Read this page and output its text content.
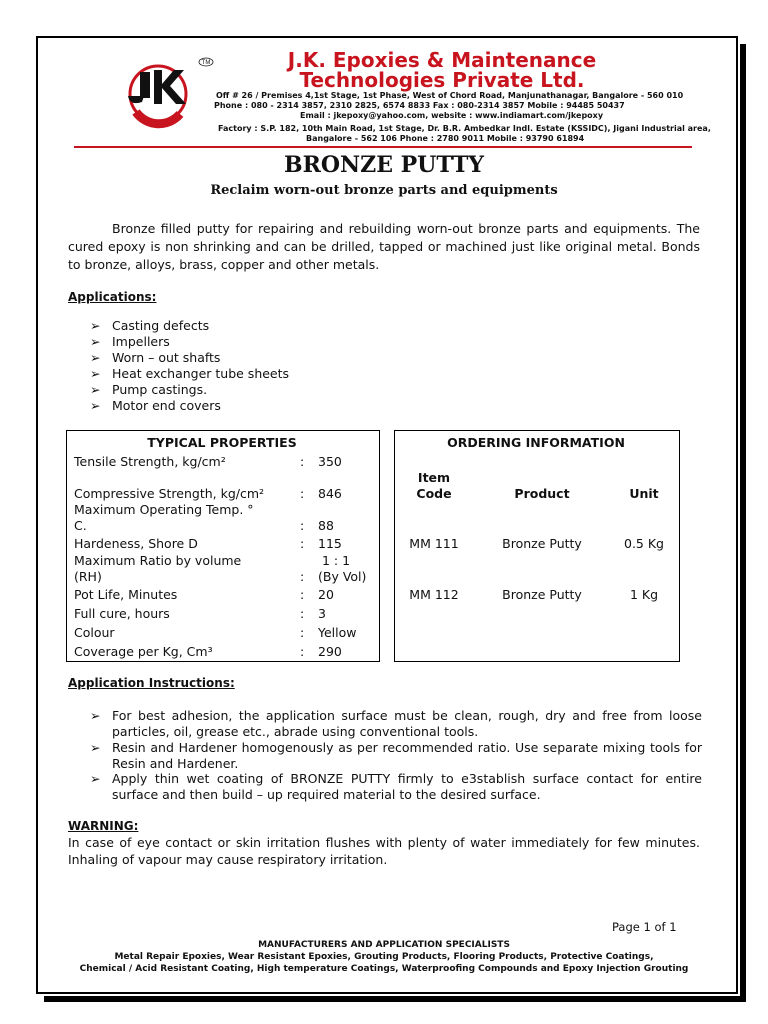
TM	J.K. Epoxies & Maintenance
Technologies Private Ltd.
Off # 26 / Premises 4,1st Stage, 1st Phase, West of Chord Road, Manjunathanagar, Bangalore - 560 010
Phone : 080 - 2314 3857, 2310 2825, 6574 8833 Fax : 080-2314 3857 Mobile : 94485 50437
Email : jkepoxy@yahoo.com, website : www.indiamart.com/jkepoxy
Factory : S.P. 182, 10th Main Road, 1st Stage, Dr. B.R. Ambedkar Indl. Estate (KSSIDC), Jigani Industrial area,
Bangalore - 562 106 Phone : 2780 9011 Mobile : 93790 61894
BRONZE PUTTY
Reclaim worn-out bronze parts and equipments
Bronze filled putty for repairing and rebuilding worn-out bronze parts and equipments. The cured epoxy is non shrinking and can be drilled, tapped or machined just like original metal. Bonds to bronze, alloys, brass, copper and other metals.
Applications:
➢ Casting defects
➢ Impellers
➢ Worn – out shafts
➢ Heat exchanger tube sheets
➢ Pump castings.
➢ Motor end covers
TYPICAL PROPERTIES
Tensile Strength, kg/cm²	: 350
Compressive Strength, kg/cm²	: 846
Maximum Operating Temp. °
C.	: 88
Hardeness, Shore D	: 115
Maximum Ratio by volume	1 : 1
(RH)	: (By Vol)
Pot Life, Minutes	: 20
Full cure, hours	: 3
Colour	: Yellow
Coverage per Kg, Cm³	: 290
ORDERING INFORMATION
Item
Code	Product	Unit
MM 111	Bronze Putty	0.5 Kg
MM 112	Bronze Putty	1 Kg
Application Instructions:
➢ For best adhesion, the application surface must be clean, rough, dry and free from loose particles, oil, grease etc., abrade using conventional tools.
➢ Resin and Hardener homogenously as per recommended ratio. Use separate mixing tools for Resin and Hardener.
➢ Apply thin wet coating of BRONZE PUTTY firmly to e3stablish surface contact for entire surface and then build – up required material to the desired surface.
WARNING:
In case of eye contact or skin irritation flushes with plenty of water immediately for few minutes. Inhaling of vapour may cause respiratory irritation.
Page 1 of 1
MANUFACTURERS AND APPLICATION SPECIALISTS
Metal Repair Epoxies, Wear Resistant Epoxies, Grouting Products, Flooring Products, Protective Coatings,
Chemical / Acid Resistant Coating, High temperature Coatings, Waterproofing Compounds and Epoxy Injection Grouting
